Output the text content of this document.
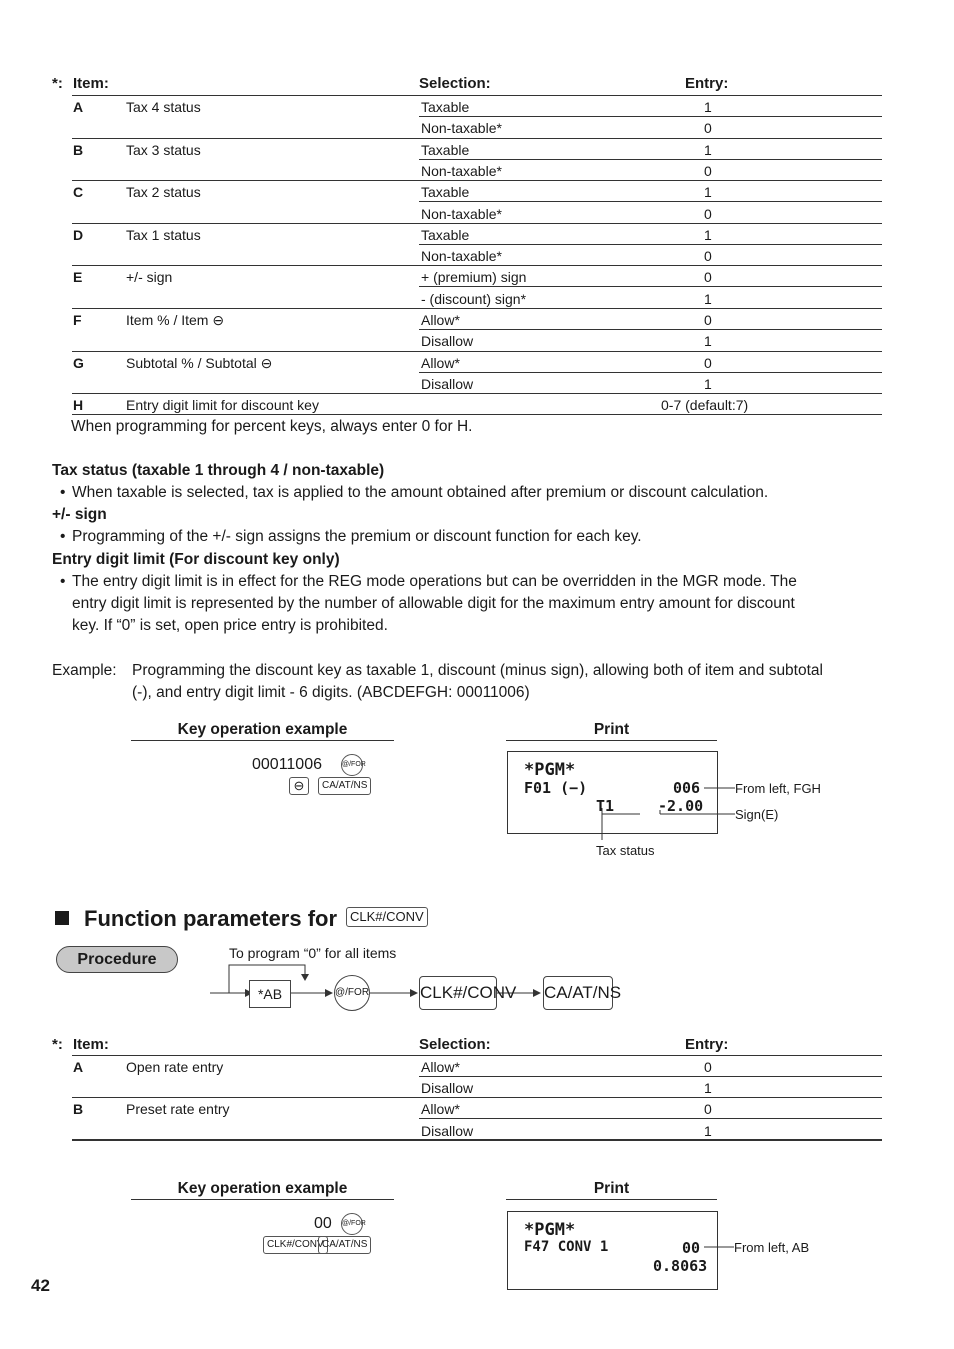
*: Item:	Selection:	Entry:
A	Tax 4 status	Taxable	1
Non-taxable*	0
B	Tax 3 status	Taxable	1
Non-taxable*	0
C	Tax 2 status	Taxable	1
Non-taxable*	0
D	Tax 1 status	Taxable	1
Non-taxable*	0
E	+/- sign	+ (premium) sign	0
- (discount) sign*	1
F	Item % / Item ⊖	Allow*	0
Disallow	1
G	Subtotal % / Subtotal ⊖	Allow*	0
Disallow	1
H	Entry digit limit for discount key	0-7 (default:7)
When programming for percent keys, always enter 0 for H.
Tax status (taxable 1 through 4 / non-taxable)
• When taxable is selected, tax is applied to the amount obtained after premium or discount calculation.
+/- sign
• Programming of the +/- sign assigns the premium or discount function for each key.
Entry digit limit (For discount key only)
• The entry digit limit is in effect for the REG mode operations but can be overridden in the MGR mode. The
entry digit limit is represented by the number of allowable digit for the maximum entry amount for discount
key. If “0” is set, open price entry is prohibited.
Example: Programming the discount key as taxable 1, discount (minus sign), allowing both of item and subtotal
(-), and entry digit limit - 6 digits. (ABCDEFGH: 00011006)
Key operation example	Print
00011006	@/FOR
⊖	CA/AT/NS
*PGM*
F01 (−)	006
T1	-2.00
From left, FGH
Sign(E)
Tax status
Function parameters for CLK#/CONV
Procedure	To program “0” for all items
*AB	@/FOR	CLK#/CONV CA/AT/NS
*: Item:	Selection:	Entry:
A	Open rate entry	Allow*	0
Disallow	1
B	Preset rate entry	Allow*	0
Disallow	1
Key operation example	Print
00 @/FOR
CLK#/CONV
CA/AT/NS
*PGM*
F47 CONV 1	00
0.8063
From left, AB
42
